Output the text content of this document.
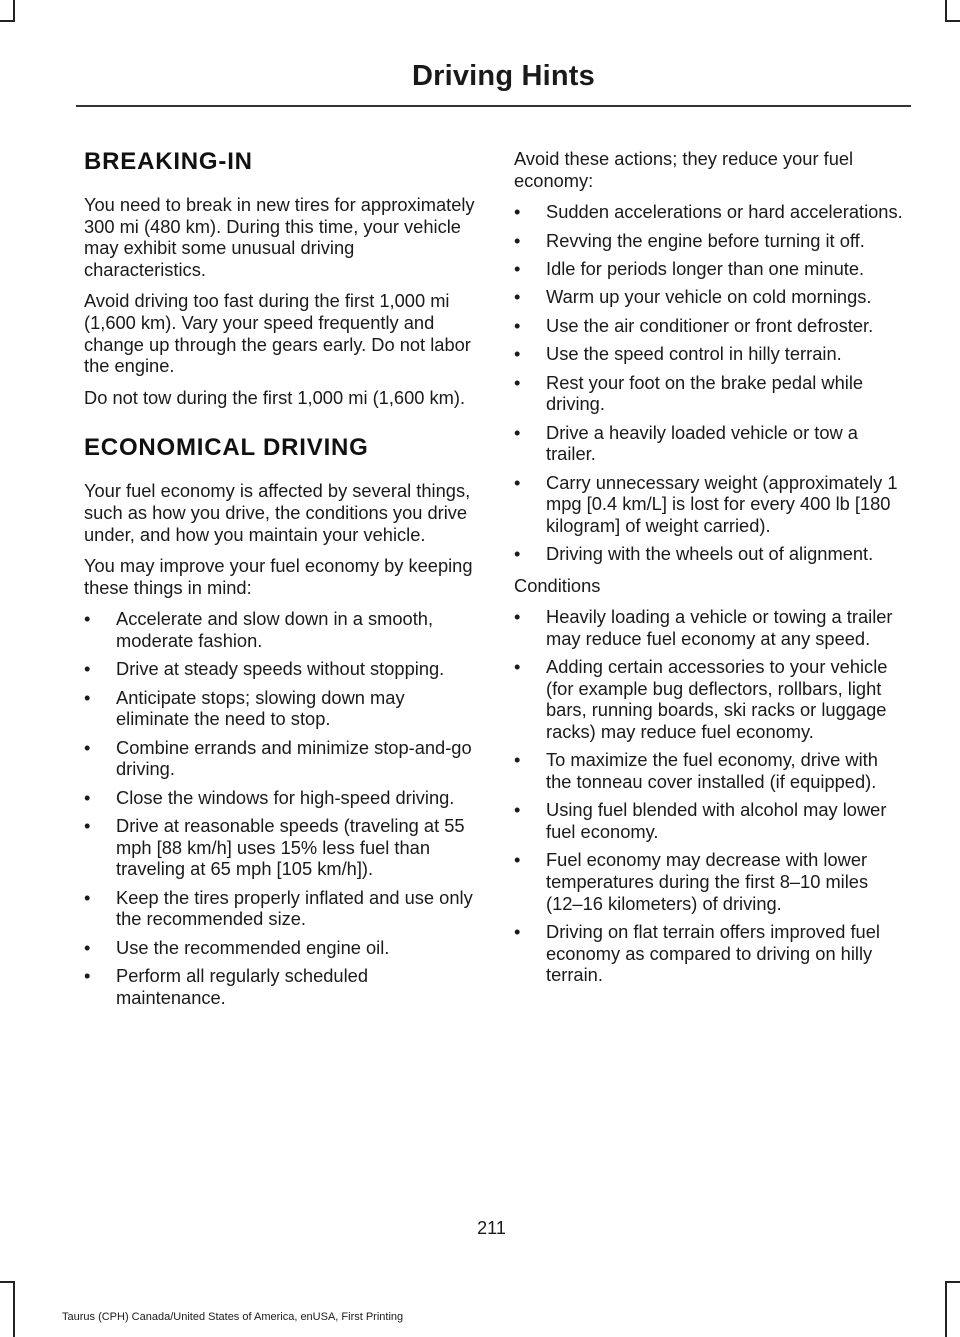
Driving Hints
BREAKING-IN

You need to break in new tires for approximately 300 mi (480 km). During this time, your vehicle may exhibit some unusual driving characteristics.

Avoid driving too fast during the first 1,000 mi (1,600 km). Vary your speed frequently and change up through the gears early. Do not labor the engine.

Do not tow during the first 1,000 mi (1,600 km).

ECONOMICAL DRIVING

Your fuel economy is affected by several things, such as how you drive, the conditions you drive under, and how you maintain your vehicle.

You may improve your fuel economy by keeping these things in mind:

• Accelerate and slow down in a smooth, moderate fashion.
• Drive at steady speeds without stopping.
• Anticipate stops; slowing down may eliminate the need to stop.
• Combine errands and minimize stop-and-go driving.
• Close the windows for high-speed driving.
• Drive at reasonable speeds (traveling at 55 mph [88 km/h] uses 15% less fuel than traveling at 65 mph [105 km/h]).
• Keep the tires properly inflated and use only the recommended size.
• Use the recommended engine oil.
• Perform all regularly scheduled maintenance.

Avoid these actions; they reduce your fuel economy:

• Sudden accelerations or hard accelerations.
• Revving the engine before turning it off.
• Idle for periods longer than one minute.
• Warm up your vehicle on cold mornings.
• Use the air conditioner or front defroster.
• Use the speed control in hilly terrain.
• Rest your foot on the brake pedal while driving.
• Drive a heavily loaded vehicle or tow a trailer.
• Carry unnecessary weight (approximately 1 mpg [0.4 km/L] is lost for every 400 lb [180 kilogram] of weight carried).
• Driving with the wheels out of alignment.

Conditions

• Heavily loading a vehicle or towing a trailer may reduce fuel economy at any speed.
• Adding certain accessories to your vehicle (for example bug deflectors, rollbars, light bars, running boards, ski racks or luggage racks) may reduce fuel economy.
• To maximize the fuel economy, drive with the tonneau cover installed (if equipped).
• Using fuel blended with alcohol may lower fuel economy.
• Fuel economy may decrease with lower temperatures during the first 8–10 miles (12–16 kilometers) of driving.
• Driving on flat terrain offers improved fuel economy as compared to driving on hilly terrain.
211
Taurus (CPH) Canada/United States of America, enUSA, First Printing
